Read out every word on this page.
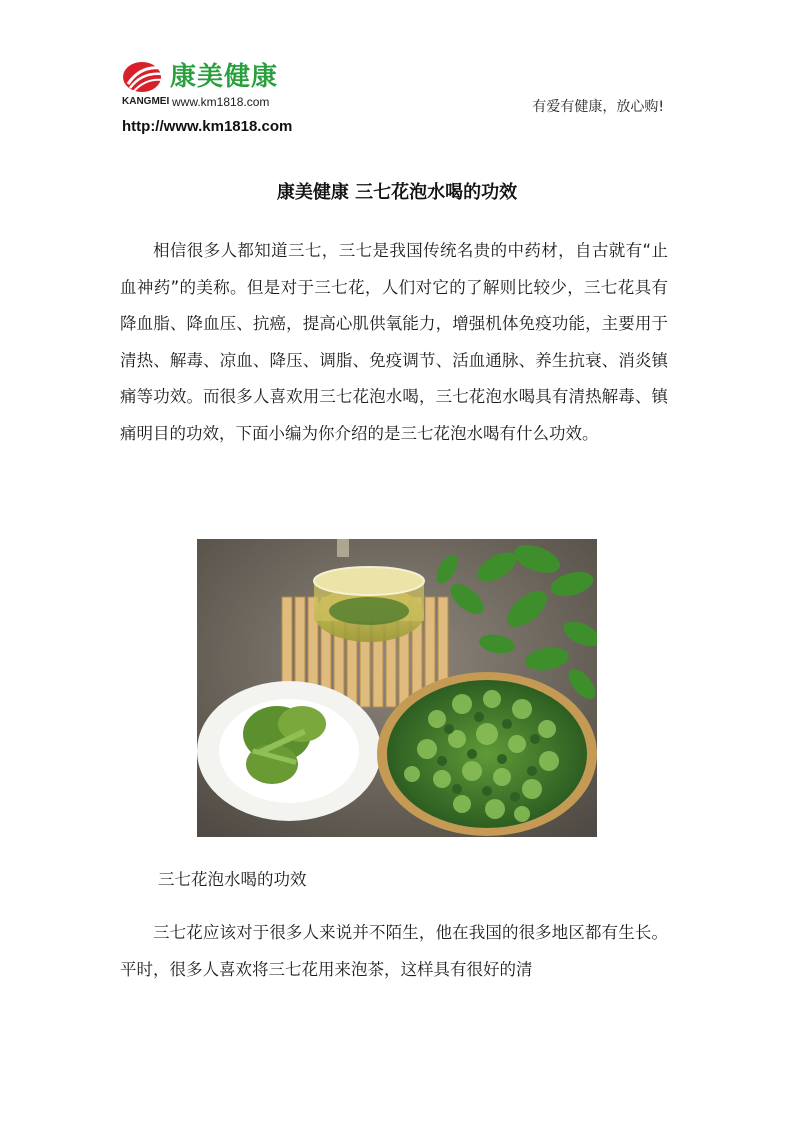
康美健康
KANGMEI www.km1818.com	有爱有健康，放心购!
http://www.km1818.com
康美健康 三七花泡水喝的功效
相信很多人都知道三七，三七是我国传统名贵的中药材，自古就有“止血神药”的美称。但是对于三七花，人们对它的了解则比较少，三七花具有降血脂、降血压、抗癌，提高心肌供氧能力，增强机体免疫功能，主要用于清热、解毒、凉血、降压、调脂、免疫调节、活血通脉、养生抗衰、消炎镇痛等功效。而很多人喜欢用三七花泡水喝，三七花泡水喝具有清热解毒、镇痛明目的功效，下面小编为你介绍的是三七花泡水喝有什么功效。
三七花泡水喝的功效
三七花应该对于很多人来说并不陌生，他在我国的很多地区都有生长。平时，很多人喜欢将三七花用来泡茶，这样具有很好的清
